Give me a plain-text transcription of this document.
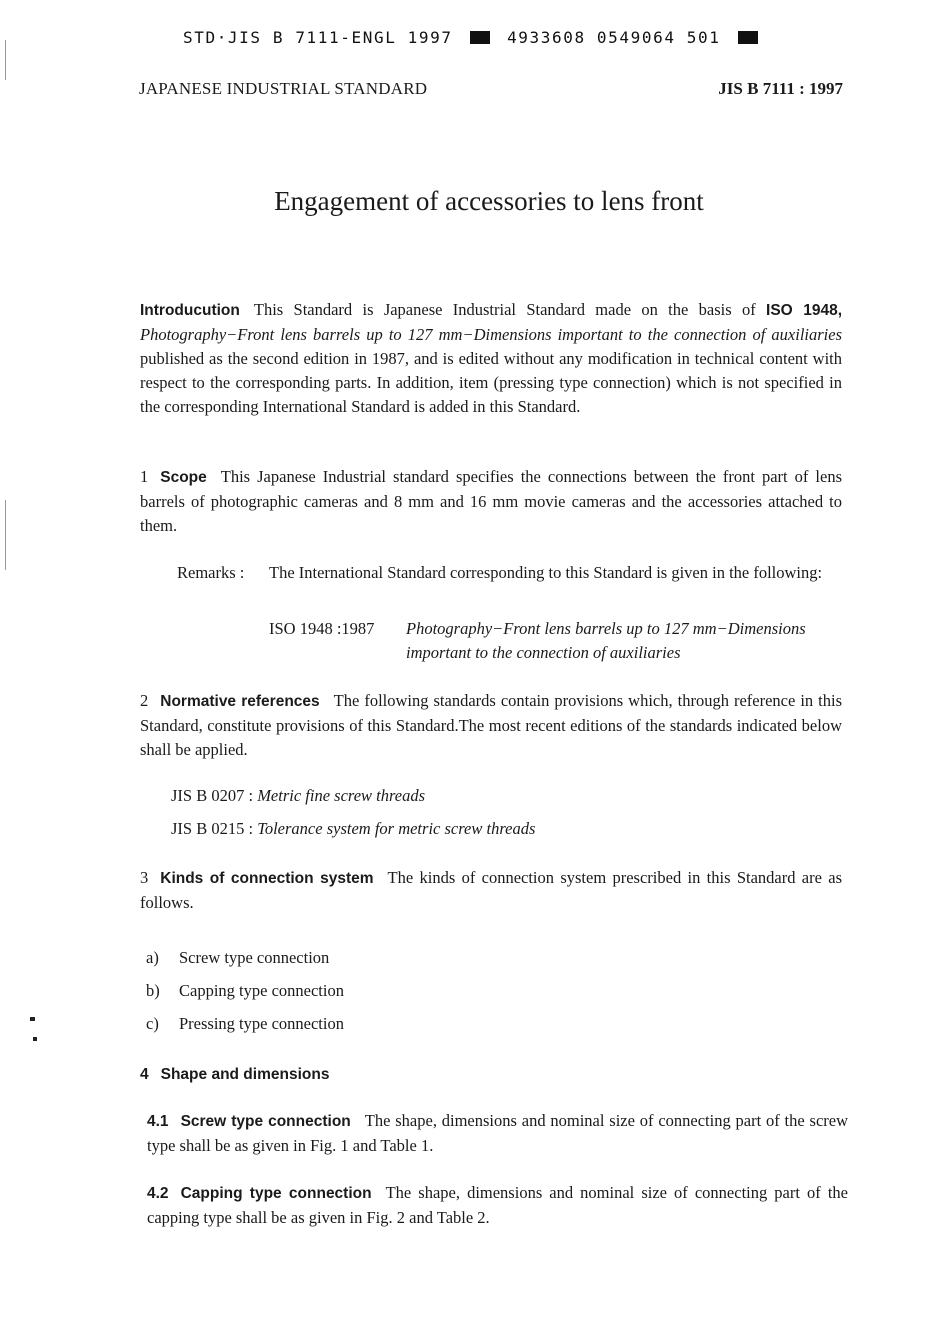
STD·JIS B 7111-ENGL 1997	4933608 0549064 501
JAPANESE INDUSTRIAL STANDARD	JIS B 7111 : 1997
Engagement of accessories to lens front

Introducution This Standard is Japanese Industrial Standard made on the basis of ISO 1948, Photography−Front lens barrels up to 127 mm−Dimensions important to the connection of auxiliaries published as the second edition in 1987, and is edited without any modification in technical content with respect to the corresponding parts. In addition, item (pressing type connection) which is not specified in the corresponding International Standard is added in this Standard.

1 Scope This Japanese Industrial standard specifies the connections between the front part of lens barrels of photographic cameras and 8 mm and 16 mm movie cameras and the accessories attached to them.

Remarks : The International Standard corresponding to this Standard is given in the following:
ISO 1948 :1987 Photography−Front lens barrels up to 127 mm−Dimensions important to the connection of auxiliaries

2 Normative references The following standards contain provisions which, through reference in this Standard, constitute provisions of this Standard.The most recent editions of the standards indicated below shall be applied.

JIS B 0207 : Metric fine screw threads
JIS B 0215 : Tolerance system for metric screw threads

3 Kinds of connection system The kinds of connection system prescribed in this Standard are as follows.

a) Screw type connection
b) Capping type connection
c) Pressing type connection

4 Shape and dimensions

4.1 Screw type connection The shape, dimensions and nominal size of connecting part of the screw type shall be as given in Fig. 1 and Table 1.

4.2 Capping type connection The shape, dimensions and nominal size of connecting part of the capping type shall be as given in Fig. 2 and Table 2.
